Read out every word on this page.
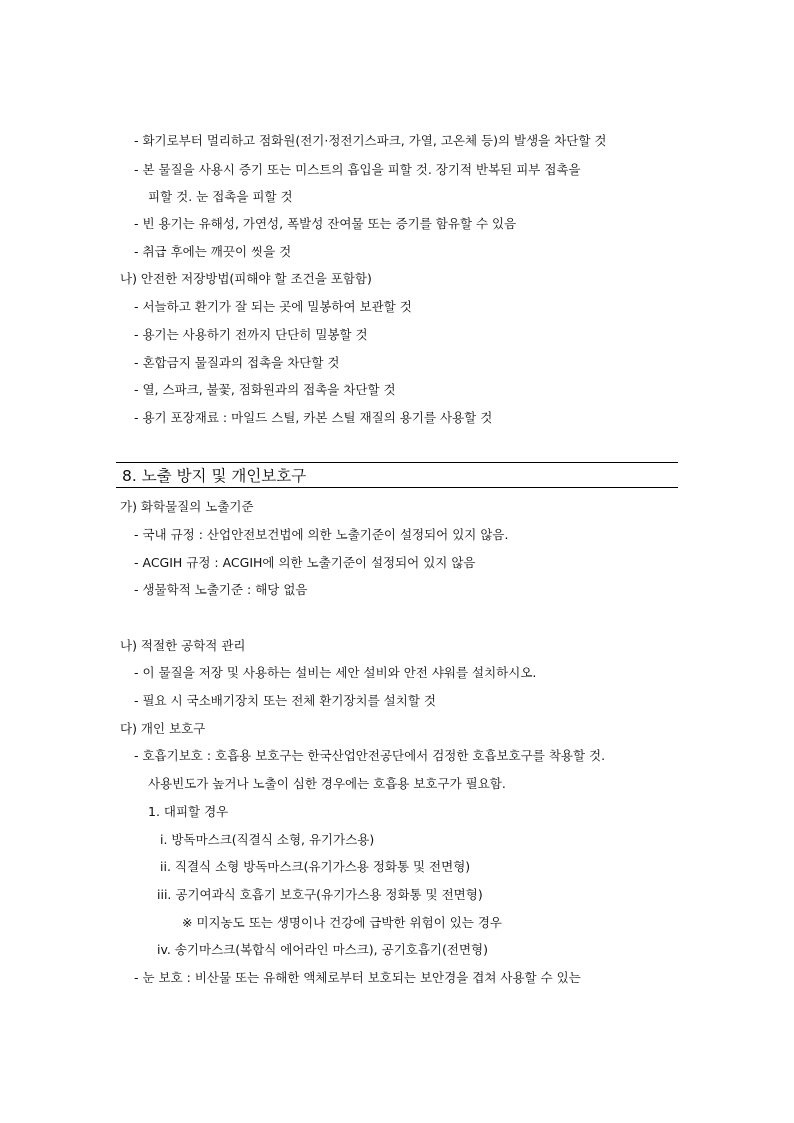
- 화기로부터 멀리하고 점화원(전기·정전기스파크, 가열, 고온체 등)의 발생을 차단할 것
- 본 물질을 사용시 증기 또는 미스트의 흡입을 피할 것. 장기적 반복된 피부 접촉을
피할 것. 눈 접촉을 피할 것
- 빈 용기는 유해성, 가연성, 폭발성 잔여물 또는 증기를 함유할 수 있음
- 취급 후에는 깨끗이 씻을 것
나) 안전한 저장방법(피해야 할 조건을 포함함)
- 서늘하고 환기가 잘 되는 곳에 밀봉하여 보관할 것
- 용기는 사용하기 전까지 단단히 밀봉할 것
- 혼합금지 물질과의 접촉을 차단할 것
- 열, 스파크, 불꽃, 점화원과의 접촉을 차단할 것
- 용기 포장재료 : 마일드 스틸, 카본 스틸 재질의 용기를 사용할 것
8. 노출 방지 및 개인보호구
가) 화학물질의 노출기준
- 국내 규정 : 산업안전보건법에 의한 노출기준이 설정되어 있지 않음.
- ACGIH 규정 : ACGIH에 의한 노출기준이 설정되어 있지 않음
- 생물학적 노출기준 : 해당 없음
나) 적절한 공학적 관리
- 이 물질을 저장 및 사용하는 설비는 세안 설비와 안전 샤워를 설치하시오.
- 필요 시 국소배기장치 또는 전체 환기장치를 설치할 것
다) 개인 보호구
- 호흡기보호 : 호흡용 보호구는 한국산업안전공단에서 검정한 호흡보호구를 착용할 것.
사용빈도가 높거나 노출이 심한 경우에는 호흡용 보호구가 필요함.
1. 대피할 경우
i. 방독마스크(직결식 소형, 유기가스용)
ii. 직결식 소형 방독마스크(유기가스용 정화통 및 전면형)
iii. 공기여과식 호흡기 보호구(유기가스용 정화통 및 전면형)
※ 미지농도 또는 생명이나 건강에 급박한 위험이 있는 경우
iv. 송기마스크(복합식 에어라인 마스크), 공기호흡기(전면형)
- 눈 보호 : 비산물 또는 유해한 액체로부터 보호되는 보안경을 겹쳐 사용할 수 있는
